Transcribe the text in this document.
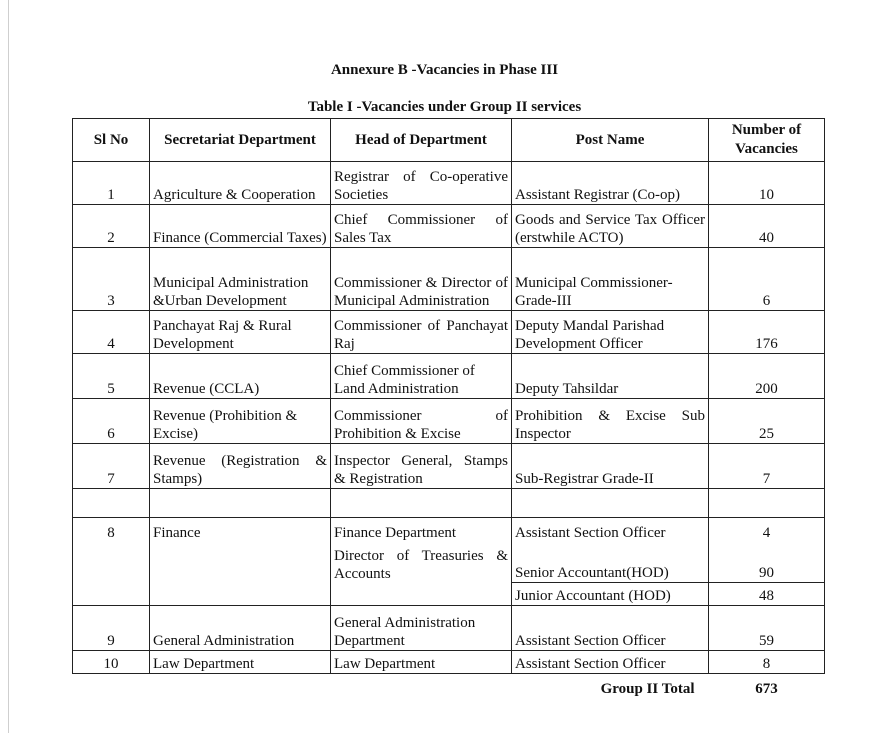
Annexure B -Vacancies in Phase III
Table I -Vacancies under Group II services
Sl No	Secretariat Department	Head of Department	Post Name	Number of Vacancies
1	Agriculture & Cooperation	Registrar of Co-operative Societies	Assistant Registrar (Co-op)	10
2	Finance (Commercial Taxes)	Chief Commissioner of Sales Tax	Goods and Service Tax Officer (erstwhile ACTO)	40
3	Municipal Administration &Urban Development	Commissioner & Director of Municipal Administration	Municipal Commissioner-Grade-III	6
4	Panchayat Raj & Rural Development	Commissioner of Panchayat Raj	Deputy Mandal Parishad Development Officer	176
5	Revenue (CCLA)	Chief Commissioner of Land Administration	Deputy Tahsildar	200
6	Revenue (Prohibition & Excise)	Commissioner of Prohibition & Excise	Prohibition & Excise Sub Inspector	25
7	Revenue (Registration & Stamps)	Inspector General, Stamps & Registration	Sub-Registrar Grade-II	7

8	Finance	Finance Department	Assistant Section Officer	4
		Director of Treasuries & Accounts	Senior Accountant(HOD)	90
			Junior Accountant (HOD)	48
9	General Administration	General Administration Department	Assistant Section Officer	59
10	Law Department	Law Department	Assistant Section Officer	8
			Group II Total	673
